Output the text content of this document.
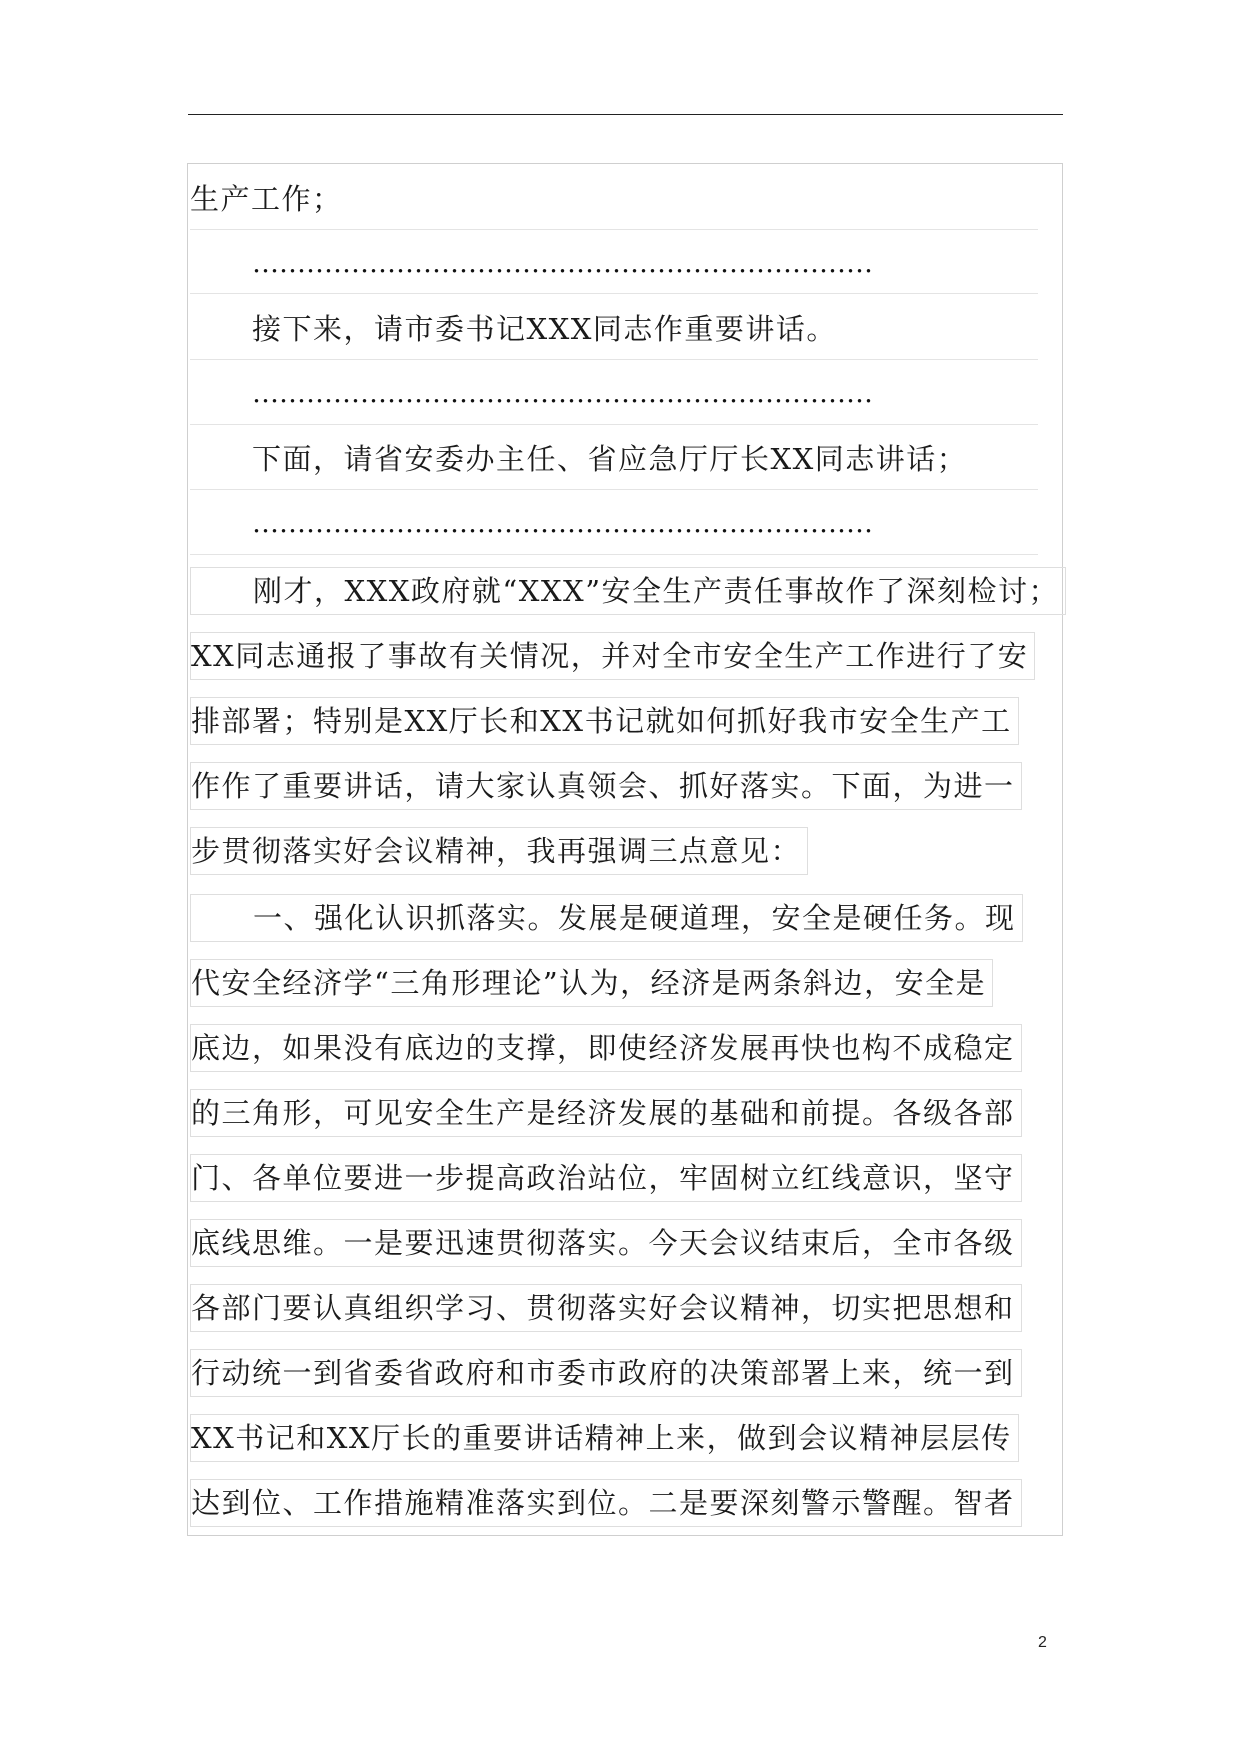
生产工作；
……………………………………………………………
接下来，请市委书记XXX同志作重要讲话。
……………………………………………………………
下面，请省安委办主任、省应急厅厅长XX同志讲话；
……………………………………………………………
刚才，XXX政府就“XXX”安全生产责任事故作了深刻检讨；
XX同志通报了事故有关情况，并对全市安全生产工作进行了安
排部署；特别是XX厅长和XX书记就如何抓好我市安全生产工
作作了重要讲话，请大家认真领会、抓好落实。下面，为进一
步贯彻落实好会议精神，我再强调三点意见：
一、强化认识抓落实。发展是硬道理，安全是硬任务。现
代安全经济学“三角形理论”认为，经济是两条斜边，安全是
底边，如果没有底边的支撑，即使经济发展再快也构不成稳定
的三角形，可见安全生产是经济发展的基础和前提。各级各部
门、各单位要进一步提高政治站位，牢固树立红线意识，坚守
底线思维。一是要迅速贯彻落实。今天会议结束后，全市各级
各部门要认真组织学习、贯彻落实好会议精神，切实把思想和
行动统一到省委省政府和市委市政府的决策部署上来，统一到
XX书记和XX厅长的重要讲话精神上来，做到会议精神层层传
达到位、工作措施精准落实到位。二是要深刻警示警醒。智者
2
